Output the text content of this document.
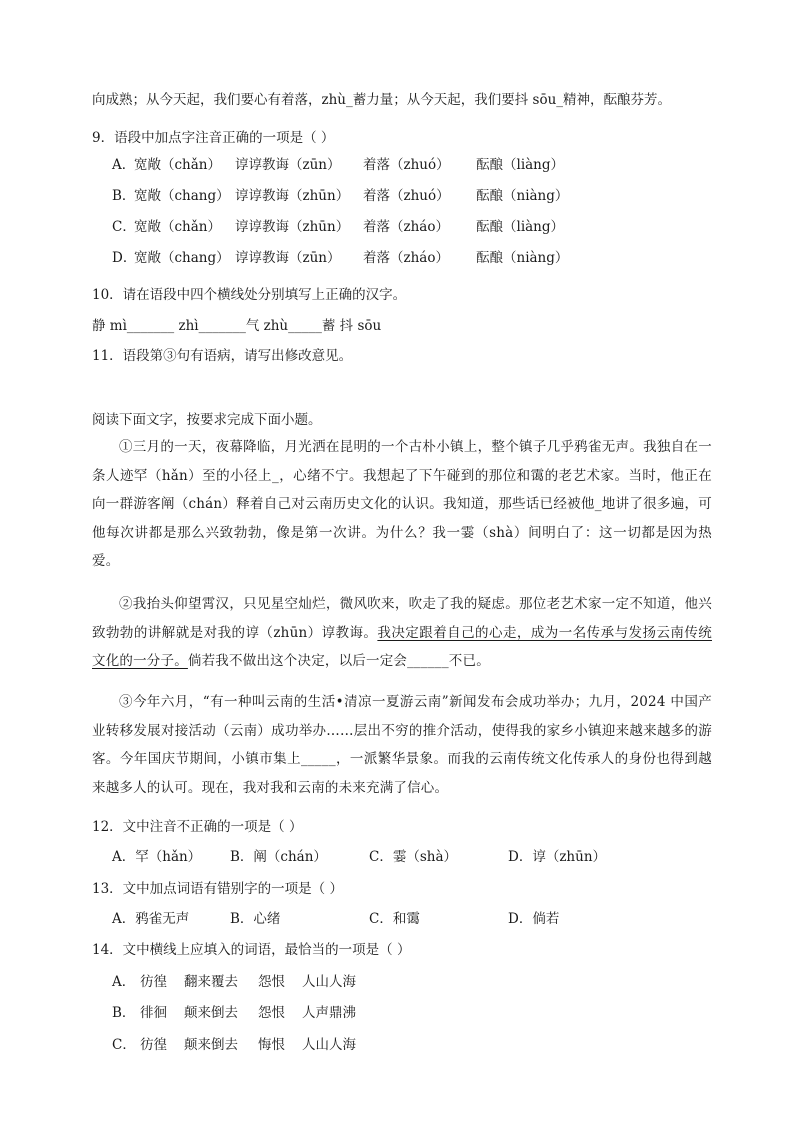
向成熟；从今天起，我们要心有着落，zhù_蓄力量；从今天起，我们要抖 sōu_精神，酝酿芬芳。
9．语段中加点字注音正确的一项是（ ）
A．
宽敞（chǎn） 谆谆教诲（zūn） 着落（zhuó） 酝酿（liàng）
B．
宽敞（chang） 谆谆教诲（zhūn） 着落（zhuó） 酝酿（niàng）
C．
宽敞（chǎn） 谆谆教诲（zhūn） 着落（zháo） 酝酿（liàng）
D．
宽敞（chang） 谆谆教诲（zūn） 着落（zháo） 酝酿（niàng）
10．请在语段中四个横线处分别填写上正确的汉字。
静 mì_______ zhì_______气 zhù_____蓄 抖 sōu
11．语段第③句有语病，请写出修改意见。
阅读下面文字，按要求完成下面小题。

①三月的一天，夜幕降临，月光洒在昆明的一个古朴小镇上，整个镇子几乎鸦雀无声。我独自在一条人迹罕（hǎn）至的小径上_，心绪不宁。我想起了下午碰到的那位和霭的老艺术家。当时，他正在向一群游客阐（chán）释着自己对云南历史文化的认识。我知道，那些话已经被他_地讲了很多遍，可他每次讲都是那么兴致勃勃，像是第一次讲。为什么？我一霎（shà）间明白了：这一切都是因为热爱。

②我抬头仰望霄汉，只见星空灿烂，微风吹来，吹走了我的疑虑。那位老艺术家一定不知道，他兴致勃勃的讲解就是对我的谆（zhūn）谆教诲。我决定跟着自己的心走，成为一名传承与发扬云南传统文化的一分子。倘若我不做出这个决定，以后一定会______不已。

③今年六月，“有一种叫云南的生活•清凉一夏游云南”新闻发布会成功举办；九月，2024 中国产业转移发展对接活动（云南）成功举办……层出不穷的推介活动，使得我的家乡小镇迎来越来越多的游客。今年国庆节期间，小镇市集上_____，一派繁华景象。而我的云南传统文化传承人的身份也得到越来越多人的认可。现在，我对我和云南的未来充满了信心。

12．文中注音不正确的一项是（ ）
A．罕（hǎn） B．阐（chán）	C．霎（shà）	D．谆（zhūn）
13．文中加点词语有错别字的一项是（ ）
A．鸦雀无声	B．心绪	C．和霭	D．倘若
14．文中横线上应填入的词语，最恰当的一项是（ ）
A． 彷徨 翻来覆去 怨恨 人山人海
B． 徘徊 颠来倒去 怨恨 人声鼎沸
C． 彷徨 颠来倒去 悔恨 人山人海
